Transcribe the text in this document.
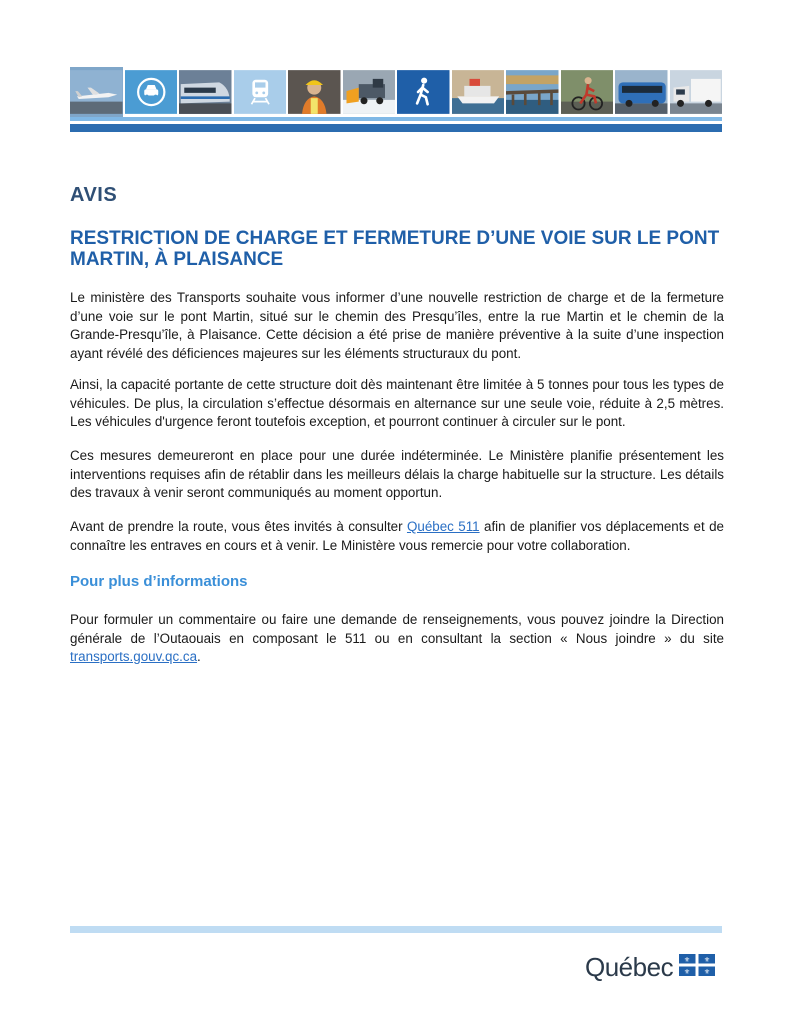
AVIS
RESTRICTION DE CHARGE ET FERMETURE D’UNE VOIE SUR LE PONT MARTIN, À PLAISANCE

Le ministère des Transports souhaite vous informer d’une nouvelle restriction de charge et de la fermeture d’une voie sur le pont Martin, situé sur le chemin des Presqu’îles, entre la rue Martin et le chemin de la Grande-Presqu’île, à Plaisance. Cette décision a été prise de manière préventive à la suite d’une inspection ayant révélé des déficiences majeures sur les éléments structuraux du pont.

Ainsi, la capacité portante de cette structure doit dès maintenant être limitée à 5 tonnes pour tous les types de véhicules. De plus, la circulation s’effectue désormais en alternance sur une seule voie, réduite à 2,5 mètres. Les véhicules d'urgence feront toutefois exception, et pourront continuer à circuler sur le pont.

Ces mesures demeureront en place pour une durée indéterminée. Le Ministère planifie présentement les interventions requises afin de rétablir dans les meilleurs délais la charge habituelle sur la structure. Les détails des travaux à venir seront communiqués au moment opportun.

Avant de prendre la route, vous êtes invités à consulter Québec 511 afin de planifier vos déplacements et de connaître les entraves en cours et à venir. Le Ministère vous remercie pour votre collaboration.

Pour plus d’informations

Pour formuler un commentaire ou faire une demande de renseignements, vous pouvez joindre la Direction générale de l’Outaouais en composant le 511 ou en consultant la section « Nous joindre » du site transports.gouv.qc.ca.

Québec ⚜ ⚜
⚜ ⚜
